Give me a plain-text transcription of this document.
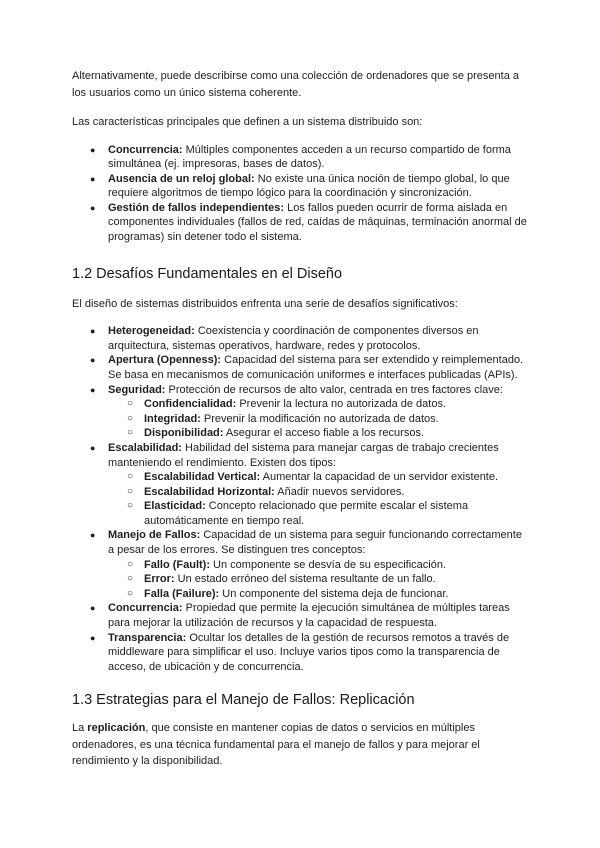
Alternativamente, puede describirse como una colección de ordenadores que se presenta a los usuarios como un único sistema coherente.

Las características principales que definen a un sistema distribuido son:

● Concurrencia: Múltiples componentes acceden a un recurso compartido de forma simultánea (ej. impresoras, bases de datos).
● Ausencia de un reloj global: No existe una única noción de tiempo global, lo que requiere algoritmos de tiempo lógico para la coordinación y sincronización.
● Gestión de fallos independientes: Los fallos pueden ocurrir de forma aislada en componentes individuales (fallos de red, caídas de máquinas, terminación anormal de programas) sin detener todo el sistema.
1.2 Desafíos Fundamentales en el Diseño

El diseño de sistemas distribuidos enfrenta una serie de desafíos significativos:

● Heterogeneidad: Coexistencia y coordinación de componentes diversos en arquitectura, sistemas operativos, hardware, redes y protocolos.
● Apertura (Openness): Capacidad del sistema para ser extendido y reimplementado. Se basa en mecanismos de comunicación uniformes e interfaces publicadas (APIs).
● Seguridad: Protección de recursos de alto valor, centrada en tres factores clave:
○ Confidencialidad: Prevenir la lectura no autorizada de datos.
○ Integridad: Prevenir la modificación no autorizada de datos.
○ Disponibilidad: Asegurar el acceso fiable a los recursos.
● Escalabilidad: Habilidad del sistema para manejar cargas de trabajo crecientes manteniendo el rendimiento. Existen dos tipos:
○ Escalabilidad Vertical: Aumentar la capacidad de un servidor existente.
○ Escalabilidad Horizontal: Añadir nuevos servidores.
○ Elasticidad: Concepto relacionado que permite escalar el sistema automáticamente en tiempo real.
● Manejo de Fallos: Capacidad de un sistema para seguir funcionando correctamente a pesar de los errores. Se distinguen tres conceptos:
○ Fallo (Fault): Un componente se desvía de su especificación.
○ Error: Un estado erróneo del sistema resultante de un fallo.
○ Falla (Failure): Un componente del sistema deja de funcionar.
● Concurrencia: Propiedad que permite la ejecución simultánea de múltiples tareas para mejorar la utilización de recursos y la capacidad de respuesta.
● Transparencia: Ocultar los detalles de la gestión de recursos remotos a través de middleware para simplificar el uso. Incluye varios tipos como la transparencia de acceso, de ubicación y de concurrencia.
1.3 Estrategias para el Manejo de Fallos: Replicación

La replicación, que consiste en mantener copias de datos o servicios en múltiples ordenadores, es una técnica fundamental para el manejo de fallos y para mejorar el rendimiento y la disponibilidad.
